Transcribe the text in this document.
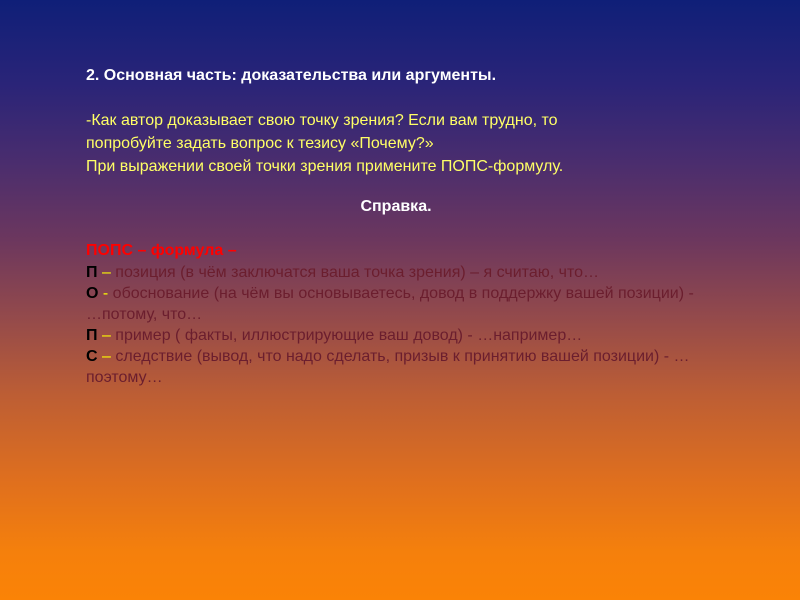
2. Основная часть: доказательства или аргументы.
-Как автор доказывает свою точку зрения? Если вам трудно, то
попробуйте задать вопрос к тезису «Почему?»
При выражении своей точки зрения примените ПОПС-формулу.
Справка.
ПОПС – формула –
П – позиция (в чём заключатся ваша точка зрения) – я считаю, что…
О - обоснование (на чём вы основываетесь, довод в поддержку вашей позиции) - …потому, что…
П – пример ( факты, иллюстрирующие ваш довод) - …например…
С – следствие (вывод, что надо сделать, призыв к принятию вашей позиции) - …поэтому…
